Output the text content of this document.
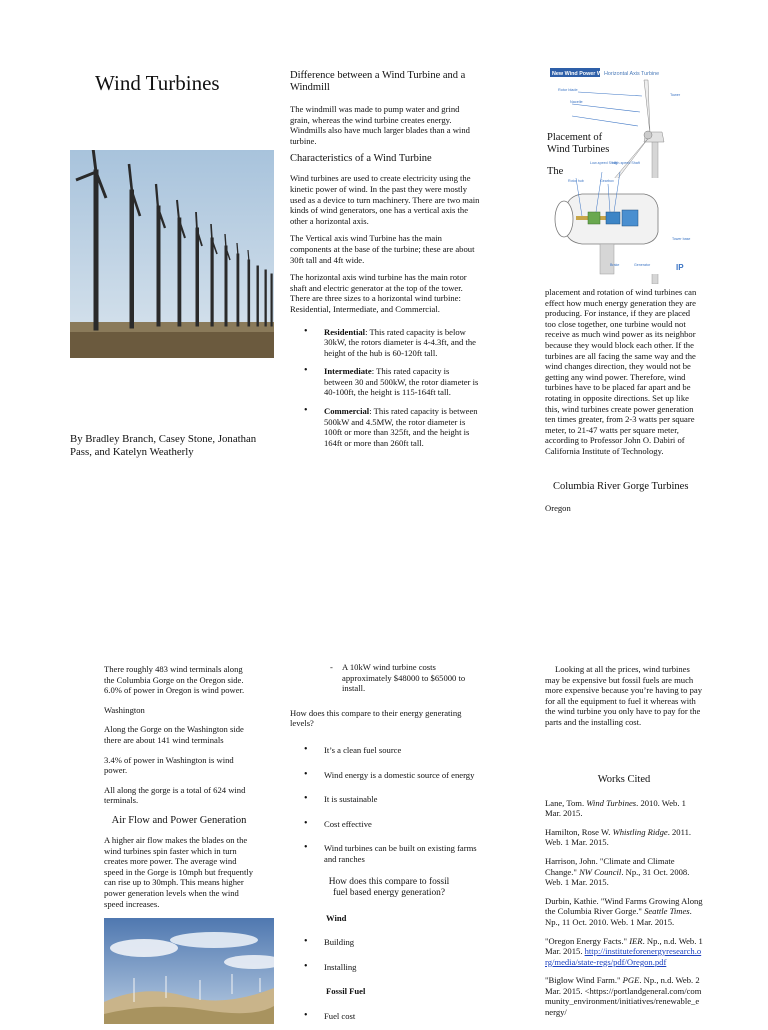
Wind Turbines
By Bradley Branch, Casey Stone, Jonathan Pass, and Katelyn Weatherly
Difference between a Wind Turbine and a Windmill

The windmill was made to pump water and grind grain, whereas the wind turbine creates energy. Windmills also have much larger blades than a wind turbine.

Characteristics of a Wind Turbine

Wind turbines are used to create electricity using the kinetic power of wind. In the past they were mostly used as a device to turn machinery. There are two main kinds of wind generators, one has a vertical axis the other a horizontal axis.

The Vertical axis wind Turbine has the main components at the base of the turbine; these are about 30ft tall and 4ft wide.

The horizontal axis wind turbine has the main rotor shaft and electric generator at the top of the tower. There are three sizes to a horizontal wind turbine: Residential, Intermediate, and Commercial.

• Residential: This rated capacity is below 30kW, the rotors diameter is 4-4.3ft, and the height of the hub is 60-120ft tall.
• Intermediate: This rated capacity is between 30 and 500kW, the rotor diameter is 40-100ft, the height is 115-164ft tall.
• Commercial: This rated capacity is between 500kW and 4.5MW, the rotor diameter is 100ft or more than 325ft, and the height is 164ft or more than 260ft tall.
New Wind Power Works
Horizontal Axis Turbine
Rotor blade
Nacelle
Tower
Low-speed Shaft
High-speed Shaft
Rotor hub	Gearbox
Generator
Brake
Tower base
IP
Placement of Wind Turbines
The

placement and rotation of wind turbines can effect how much energy generation they are producing. For instance, if they are placed too close together, one turbine would not receive as much wind power as its neighbor because they would block each other. If the turbines are all facing the same way and the wind changes direction, they would not be getting any wind power. Therefore, wind turbines have to be placed far apart and be rotating in opposite directions. Set up like this, wind turbines create power generation ten times greater, from 2-3 watts per square meter, to 21-47 watts per square meter, according to Professor John O. Dabiri of California Institute of Technology.

Columbia River Gorge Turbines
Oregon

There roughly 483 wind terminals along the Columbia Gorge on the Oregon side. 6.0% of power in Oregon is wind power.

Washington

Along the Gorge on the Washington side there are about 141 wind terminals

3.4% of power in Washington is wind power.

All along the gorge is a total of 624 wind terminals.

Air Flow and Power Generation

A higher air flow makes the blades on the wind turbines spin faster which in turn creates more power. The average wind speed in the Gorge is 10mph but frequently can rise up to 30mph. This means higher power generation levels when the wind speed increases.

- A 10kW wind turbine costs approximately $48000 to $65000 to install.
How does this compare to their energy generating levels?
• It’s a clean fuel source
• Wind energy is a domestic source of energy
• It is sustainable
• Cost effective
• Wind turbines can be built on existing farms and ranches
How does this compare to fossil fuel based energy generation?
Wind
• Building
• Installing
Fossil Fuel
• Fuel cost
Looking at all the prices, wind turbines may be expensive but fossil fuels are much more expensive because you’re having to pay for all the equipment to fuel it whereas with the wind turbine you only have to pay for the parts and the installing cost.
Works Cited

Lane, Tom. Wind Turbines. 2010. Web. 1 Mar. 2015.

Hamilton, Rose W. Whistling Ridge. 2011. Web. 1 Mar. 2015.

Harrison, John. "Climate and Climate Change." NW Council. Np., 31 Oct. 2008. Web. 1 Mar. 2015.

Durbin, Kathie. "Wind Farms Growing Along the Columbia River Gorge." Seattle Times. Np., 11 Oct. 2010. Web. 1 Mar. 2015.

"Oregon Energy Facts." IER. Np., n.d. Web. 1 Mar. 2015. http://instituteforenergyresearch.org/media/state-regs/pdf/Oregon.pdf

"Biglow Wind Farm." PGE. Np., n.d. Web. 2 Mar. 2015. <https://portlandgeneral.com/community_environment/initiatives/renewable_energy/
